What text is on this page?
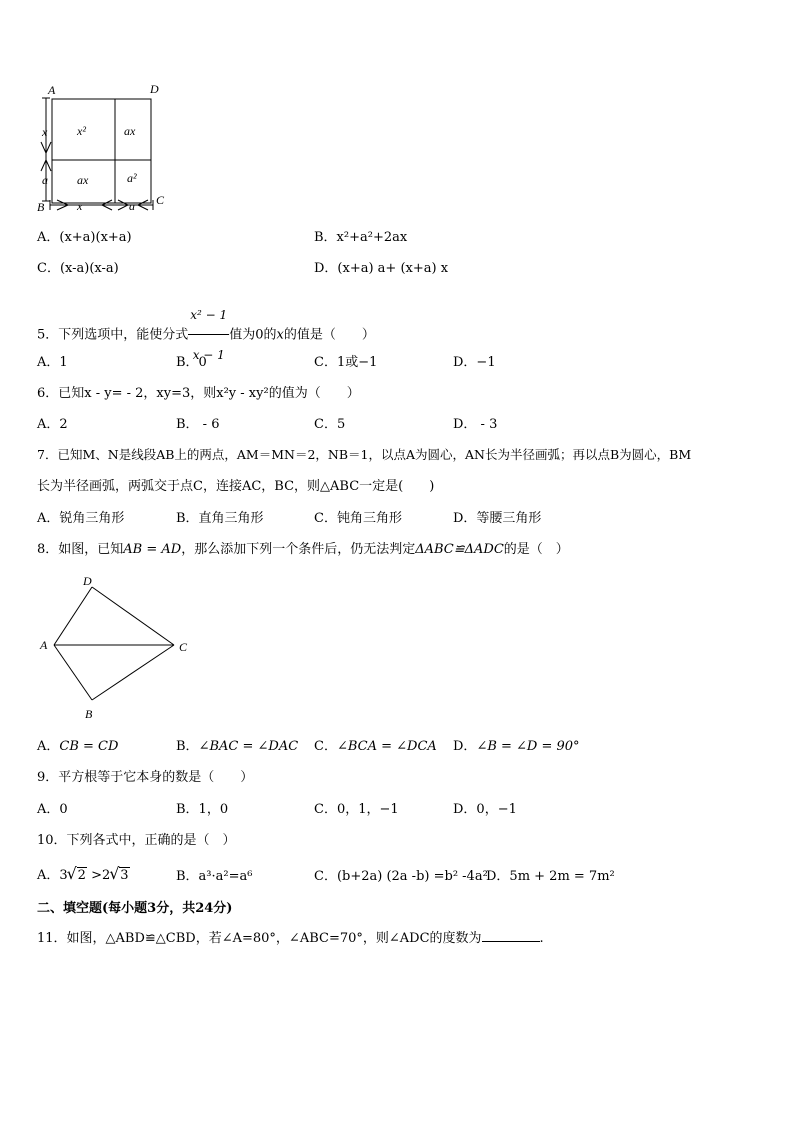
A	D
B	C
x²	ax
ax	a²
x
a
x	a
A．(x+a)(x+a)	B．x²+a²+2ax
C．(x-a)(x-a)	D．(x+a) a+ (x+a) x
5．下列选项中，能使分式 $\frac{\text{x² − 1}}{x - 1}$ 值为0的x的值是（　　）
A．1	B．0	C．1或−1	D．−1
6．已知x - y= - 2，xy=3，则x²y - xy²的值为（　　）
A．2	B． - 6	C．5	D． - 3
7．已知M、N是线段AB上的两点，AM＝MN＝2，NB＝1，以点A为圆心，AN长为半径画弧；再以点B为圆心，BM
长为半径画弧，两弧交于点C，连接AC，BC，则△ABC一定是(　　)
A．锐角三角形	B．直角三角形	C．钝角三角形	D．等腰三角形
8．如图，已知AB = AD，那么添加下列一个条件后，仍无法判定ΔABC≌ΔADC的是（　）
D
A	C
B
A．CB = CD	B．∠BAC = ∠DAC C．∠BCA = ∠DCA D．∠B = ∠D = 90°
9．平方根等于它本身的数是（　　）
A．0	B．1，0	C．0，1，−1	D．0，−1
10．下列各式中，正确的是（　）
A．3 √ 2 >2 √ 3	B．a³·a²=a⁶	C．(b+2a) (2a -b) =b² -4a²
D．5m + 2m = 7m²
二、填空题(每小题3分，共24分)
11．如图，△ABD≌△CBD，若∠A=80°，∠ABC=70°，则∠ADC的度数为	.
